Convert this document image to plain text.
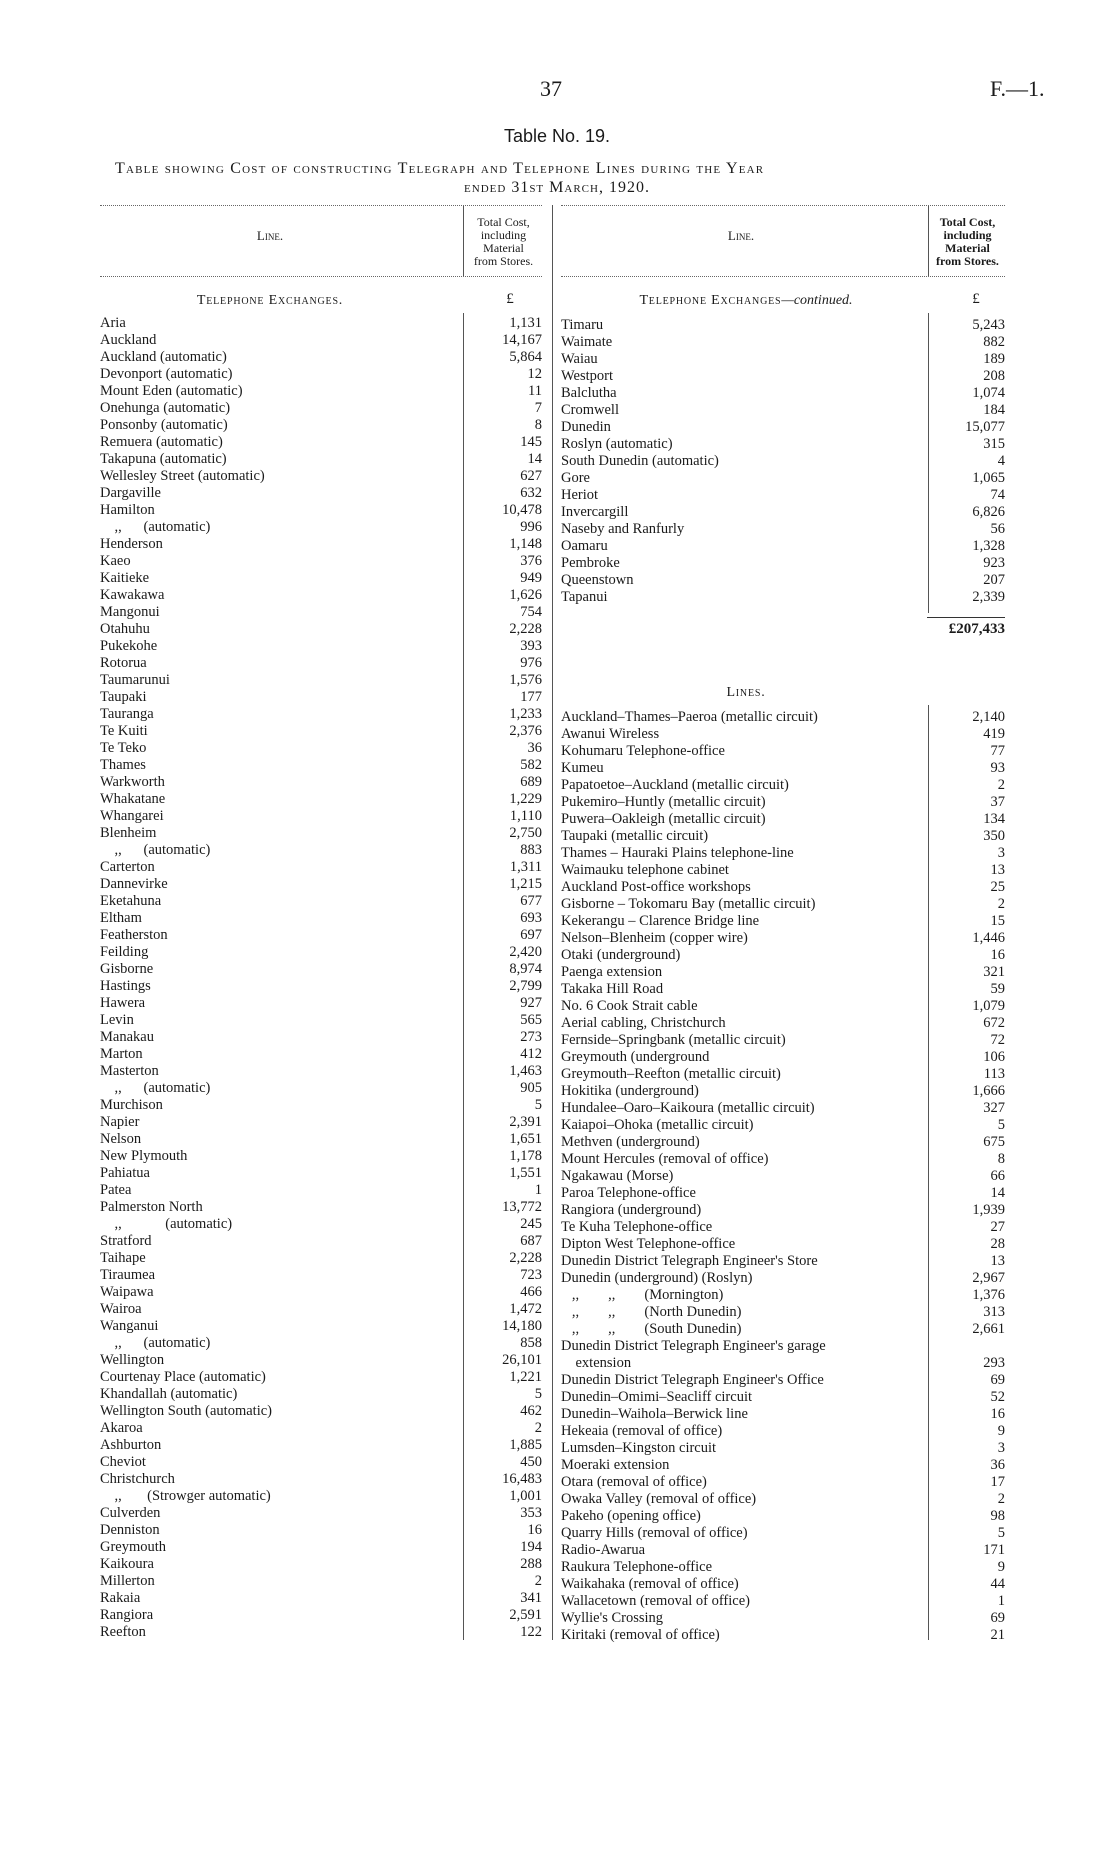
37	F.—1.
Table No. 19.
Table showing Cost of constructing Telegraph and Telephone Lines during the Year
ended 31st March, 1920.
Line.
Total Cost,
including
Material
from Stores.
£
Telephone Exchanges.
Aria	1,131
Auckland	14,167
Auckland (automatic)	5,864
Devonport (automatic)	12
Mount Eden (automatic)	11
Onehunga (automatic)	7
Ponsonby (automatic)	8
Remuera (automatic)	145
Takapuna (automatic)	14
Wellesley Street (automatic)	627
Dargaville	632
Hamilton	10,478
,,      (automatic)	996
Henderson	1,148
Kaeo	376
Kaitieke	949
Kawakawa	1,626
Mangonui	754
Otahuhu	2,228
Pukekohe	393
Rotorua	976
Taumarunui	1,576
Taupaki	177
Tauranga	1,233
Te Kuiti	2,376
Te Teko	36
Thames	582
Warkworth	689
Whakatane	1,229
Whangarei	1,110
Blenheim	2,750
,,      (automatic)	883
Carterton	1,311
Dannevirke	1,215
Eketahuna	677
Eltham	693
Featherston	697
Feilding	2,420
Gisborne	8,974
Hastings	2,799
Hawera	927
Levin	565
Manakau	273
Marton	412
Masterton	1,463
,,      (automatic)	905
Murchison	5
Napier	2,391
Nelson	1,651
New Plymouth	1,178
Pahiatua	1,551
Patea	1
Palmerston North	13,772
,,            (automatic)	245
Stratford	687
Taihape	2,228
Tiraumea	723
Waipawa	466
Wairoa	1,472
Wanganui	14,180
,,      (automatic)	858
Wellington	26,101
Courtenay Place (automatic)	1,221
Khandallah (automatic)	5
Wellington South (automatic)	462
Akaroa	2
Ashburton	1,885
Cheviot	450
Christchurch	16,483
,,       (Strowger automatic)	1,001
Culverden	353
Denniston	16
Greymouth	194
Kaikoura	288
Millerton	2
Rakaia	341
Rangiora	2,591
Reefton	122
Line.
Total Cost,
including
Material
from Stores.
£
Telephone Exchanges—continued.
Timaru	5,243
Waimate	882
Waiau	189
Westport	208
Balclutha	1,074
Cromwell	184
Dunedin	15,077
Roslyn (automatic)	315
South Dunedin (automatic)	4
Gore	1,065
Heriot	74
Invercargill	6,826
Naseby and Ranfurly	56
Oamaru	1,328
Pembroke	923
Queenstown	207
Tapanui	2,339
£207,433
Lines.
Auckland–Thames–Paeroa (metallic circuit)	2,140
Awanui Wireless	419
Kohumaru Telephone-office	77
Kumeu	93
Papatoetoe–Auckland (metallic circuit)	2
Pukemiro–Huntly (metallic circuit)	37
Puwera–Oakleigh (metallic circuit)	134
Taupaki (metallic circuit)	350
Thames – Hauraki Plains telephone-line	3
Waimauku telephone cabinet	13
Auckland Post-office workshops	25
Gisborne – Tokomaru Bay (metallic circuit)	2
Kekerangu – Clarence Bridge line	15
Nelson–Blenheim (copper wire)	1,446
Otaki (underground)	16
Paenga extension	321
Takaka Hill Road	59
No. 6 Cook Strait cable	1,079
Aerial cabling, Christchurch	672
Fernside–Springbank (metallic circuit)	72
Greymouth (underground	106
Greymouth–Reefton (metallic circuit)	113
Hokitika (underground)	1,666
Hundalee–Oaro–Kaikoura (metallic circuit)	327
Kaiapoi–Ohoka (metallic circuit)	5
Methven (underground)	675
Mount Hercules (removal of office)	8
Ngakawau (Morse)	66
Paroa Telephone-office	14
Rangiora (underground)	1,939
Te Kuha Telephone-office	27
Dipton West Telephone-office	28
Dunedin District Telegraph Engineer's Store	13
Dunedin (underground) (Roslyn)	2,967
,,        ,,        (Mornington)	1,376
,,        ,,        (North Dunedin)	313
,,        ,,        (South Dunedin)	2,661
Dunedin District Telegraph Engineer's garage
extension	293
Dunedin District Telegraph Engineer's Office	69
Dunedin–Omimi–Seacliff circuit	52
Dunedin–Waihola–Berwick line	16
Hekeaia (removal of office)	9
Lumsden–Kingston circuit	3
Moeraki extension	36
Otara (removal of office)	17
Owaka Valley (removal of office)	2
Pakeho (opening office)	98
Quarry Hills (removal of office)	5
Radio-Awarua	171
Raukura Telephone-office	9
Waikahaka (removal of office)	44
Wallacetown (removal of office)	1
Wyllie's Crossing	69
Kiritaki (removal of office)	21
